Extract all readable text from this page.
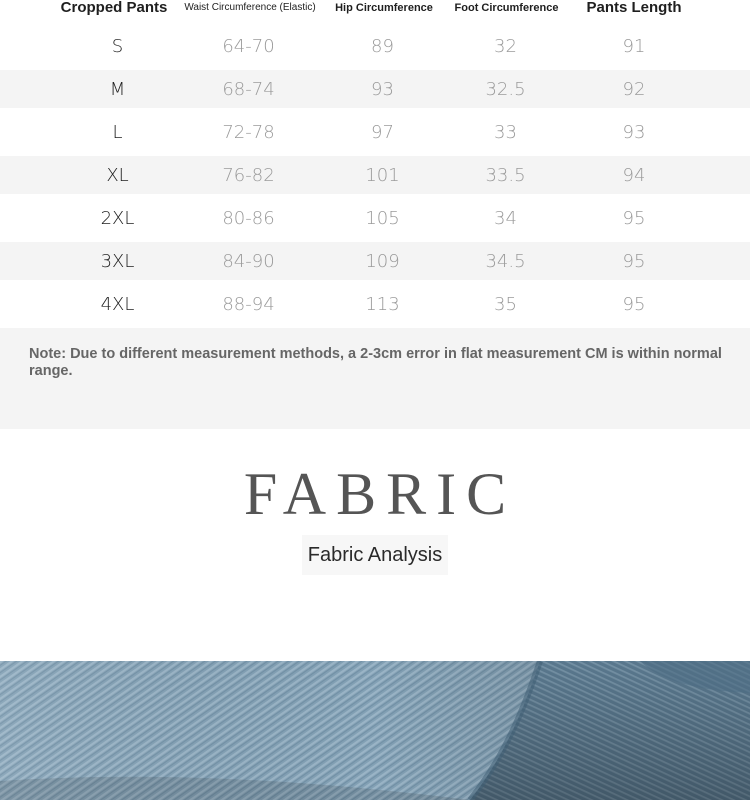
Cropped Pants	Waist Circumference (Elastic)	Hip Circumference	Foot Circumference	Pants Length
S	64-70	89	32	91
M	68-74	93	32.5	92
L	72-78	97	33	93
XL	76-82	101	33.5	94
2XL	80-86	105	34	95
3XL	84-90	109	34.5	95
4XL	88-94	113	35	95
Note: Due to different measurement methods, a 2-3cm error in flat measurement CM is within normal range.
FABRIC
Fabric Analysis
